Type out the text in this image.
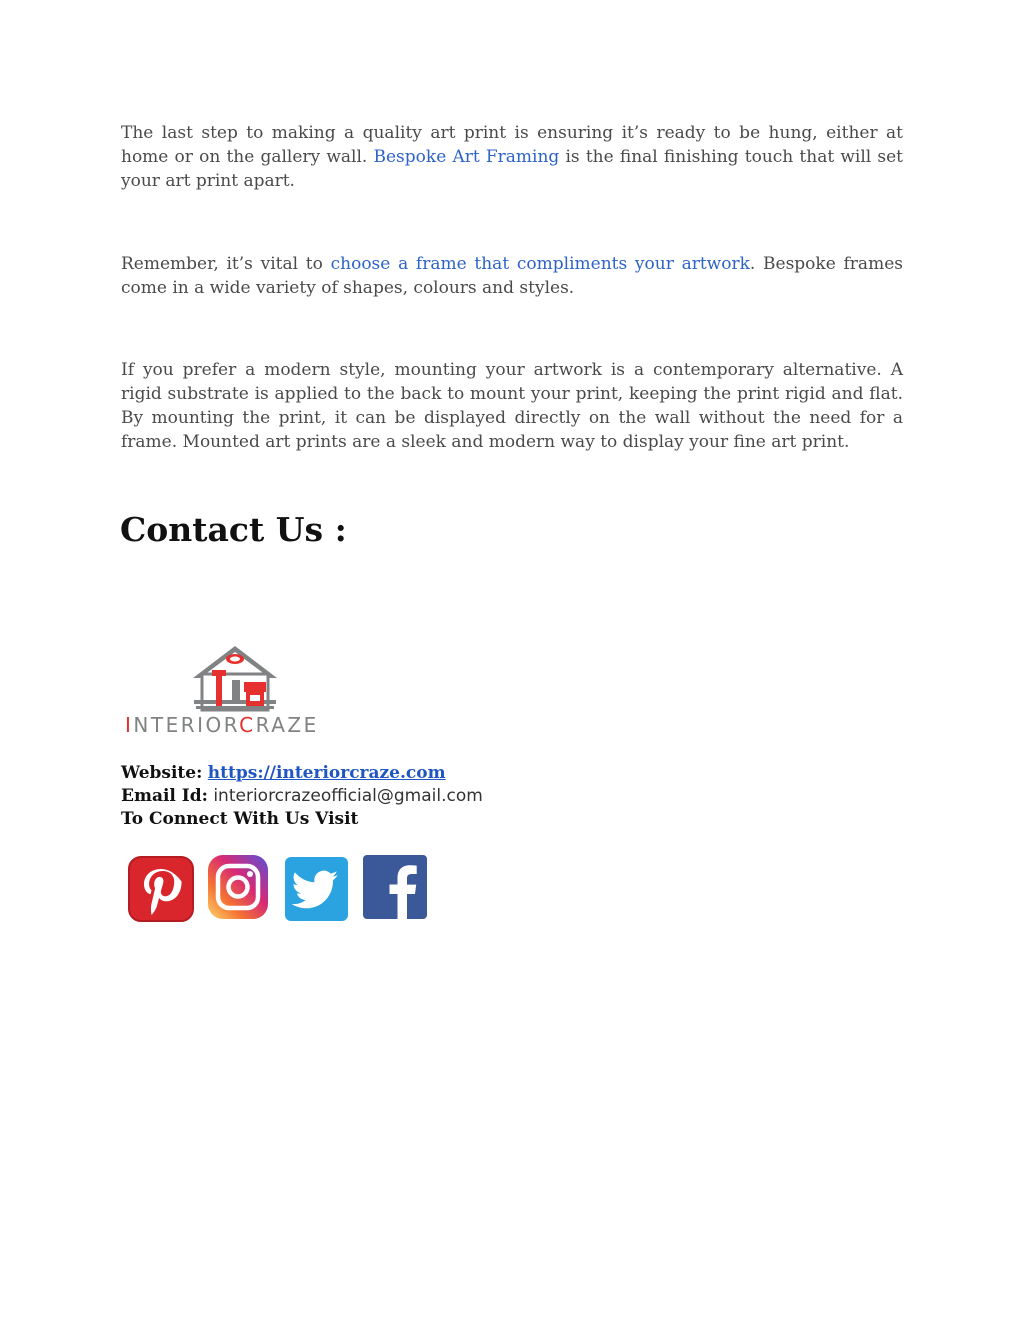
The last step to making a quality art print is ensuring it’s ready to be hung, either at home or on the gallery wall. Bespoke Art Framing is the final finishing touch that will set your art print apart.

Remember, it’s vital to choose a frame that compliments your artwork. Bespoke frames come in a wide variety of shapes, colours and styles.

If you prefer a modern style, mounting your artwork is a contemporary alternative. A rigid substrate is applied to the back to mount your print, keeping the print rigid and flat. By mounting the print, it can be displayed directly on the wall without the need for a frame. Mounted art prints are a sleek and modern way to display your fine art print.

Contact Us :
INTERIORCRAZE
Website: https://interiorcraze.com
Email Id: interiorcrazeofficial@gmail.com
To Connect With Us Visit
